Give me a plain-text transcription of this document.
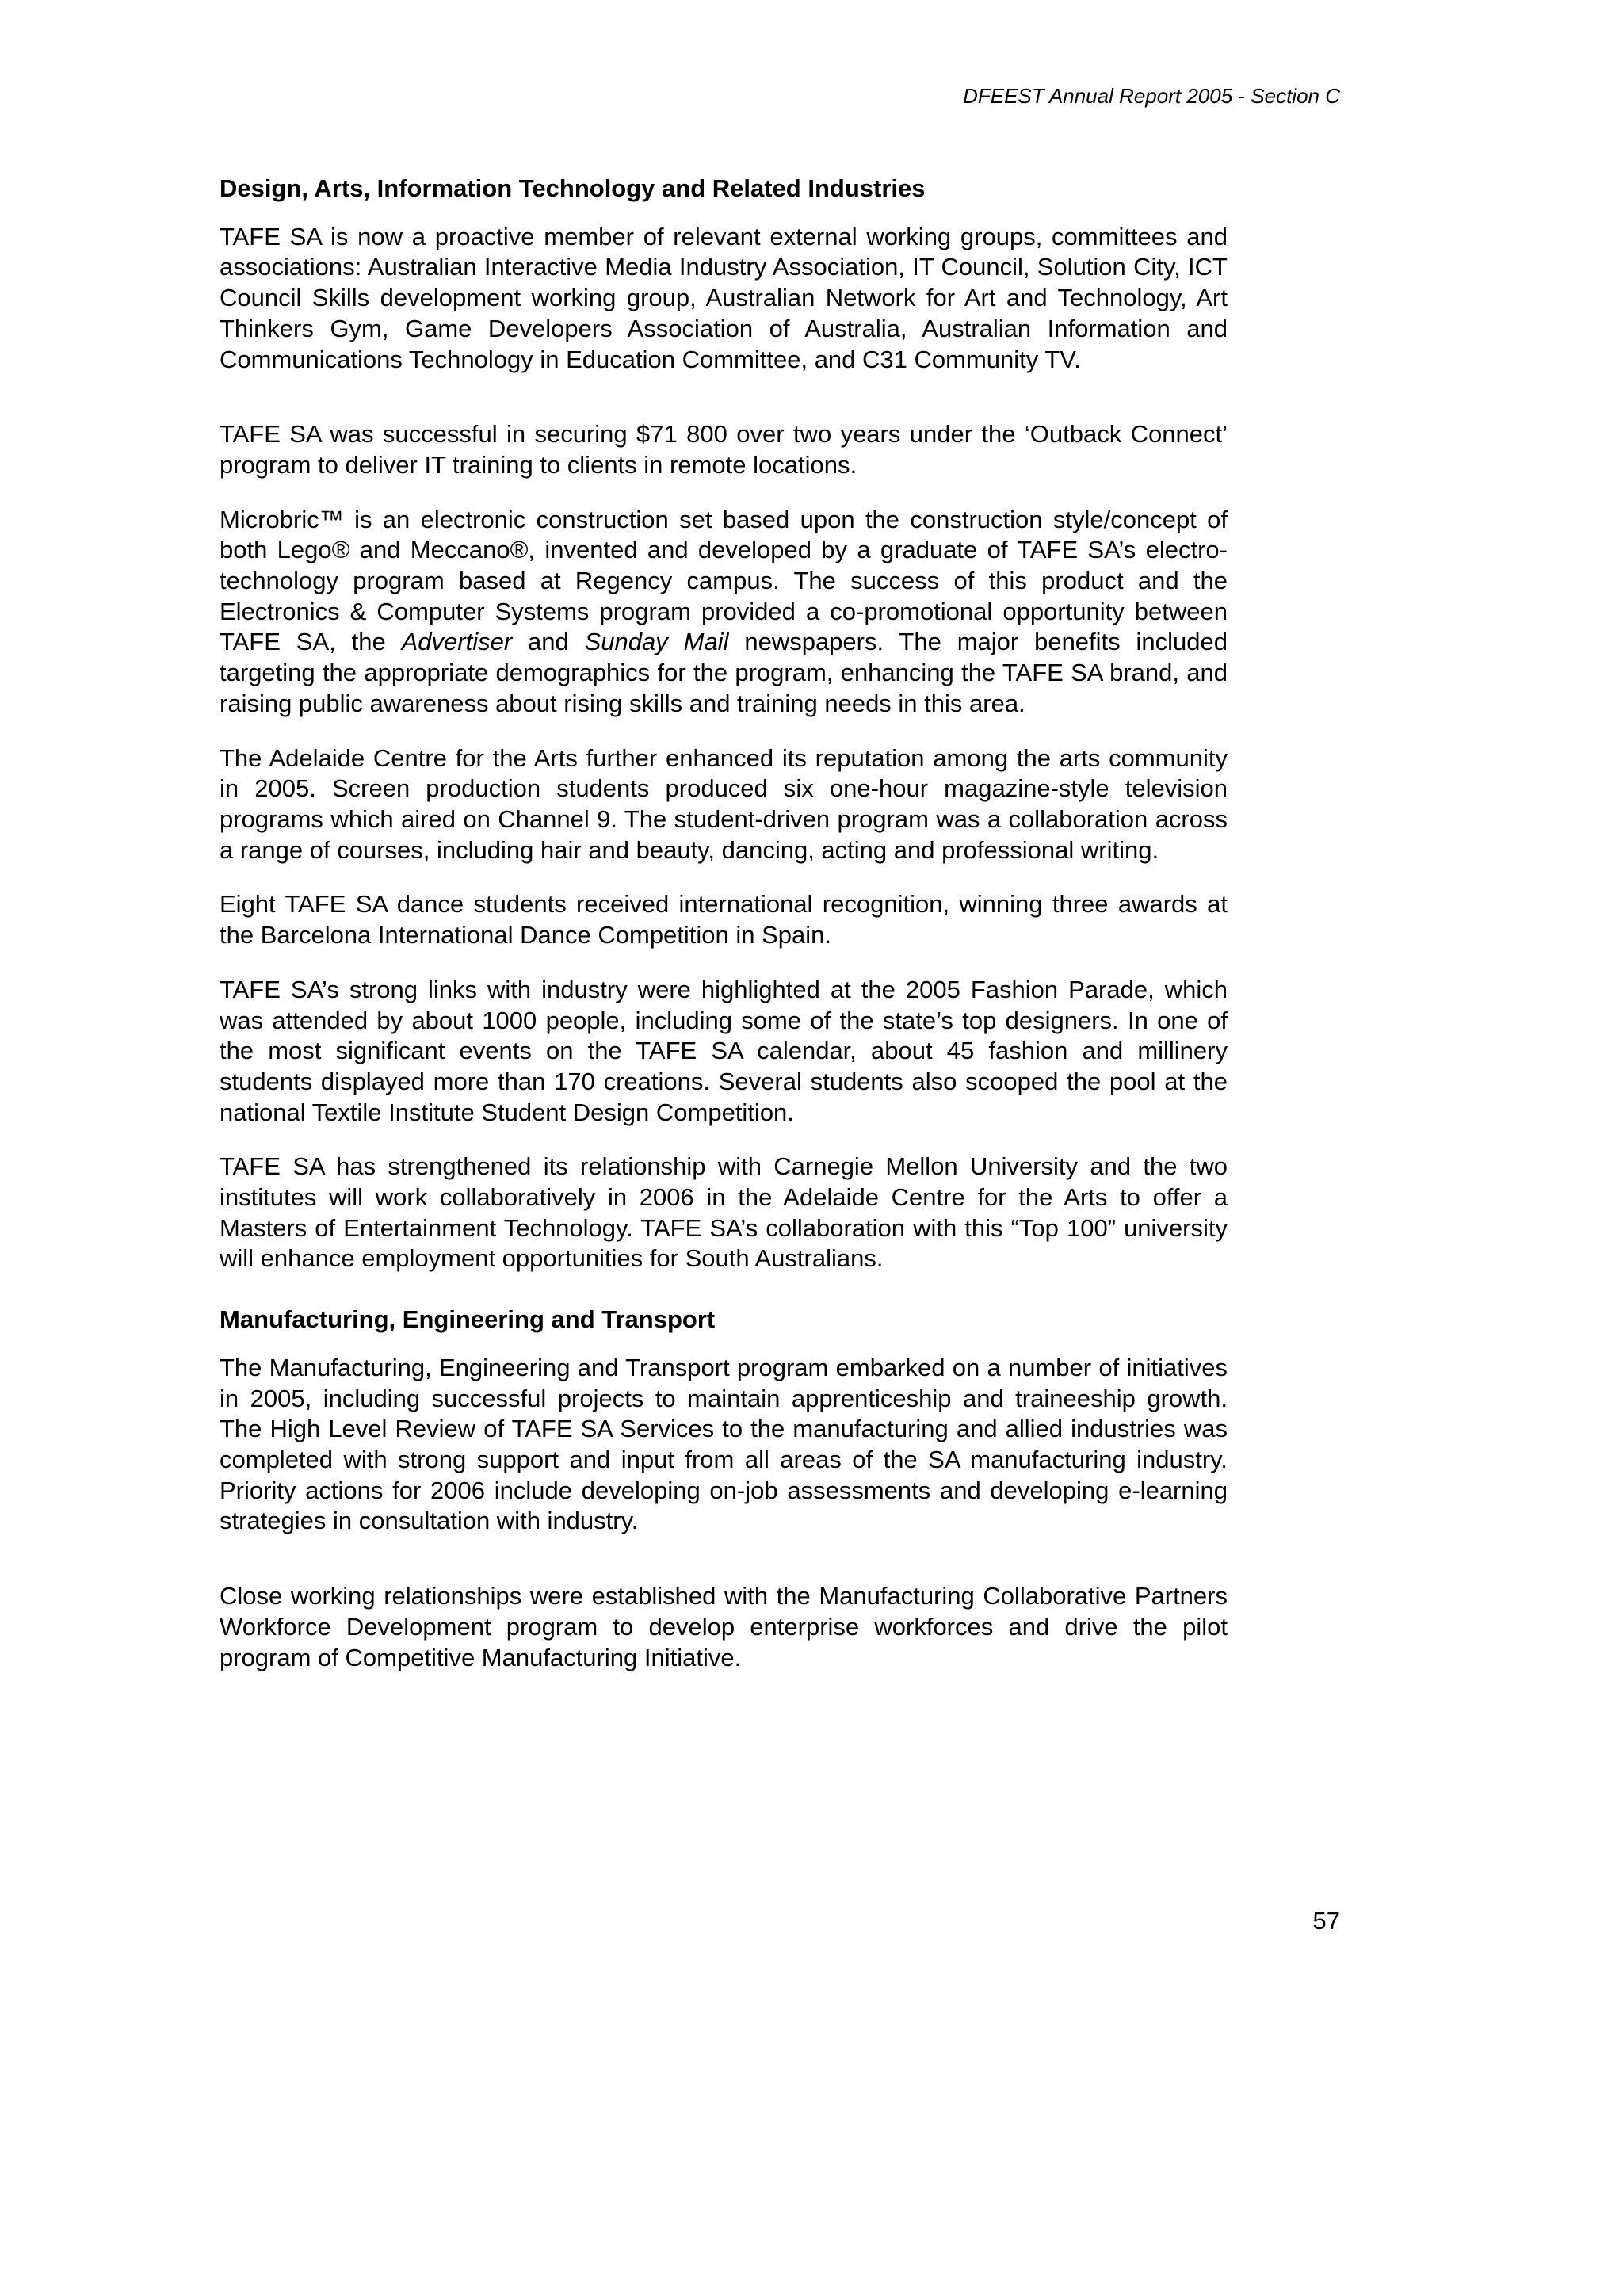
DFEEST Annual Report 2005 - Section C
Design, Arts, Information Technology and Related Industries

TAFE SA is now a proactive member of relevant external working groups, committees and associations: Australian Interactive Media Industry Association, IT Council, Solution City, ICT Council Skills development working group, Australian Network for Art and Technology, Art Thinkers Gym, Game Developers Association of Australia, Australian Information and Communications Technology in Education Committee, and C31 Community TV.

TAFE SA was successful in securing $71 800 over two years under the ‘Outback Connect’ program to deliver IT training to clients in remote locations.

Microbric™ is an electronic construction set based upon the construction style/concept of both Lego® and Meccano®, invented and developed by a graduate of TAFE SA’s electro-technology program based at Regency campus. The success of this product and the Electronics & Computer Systems program provided a co-promotional opportunity between TAFE SA, the Advertiser and Sunday Mail newspapers. The major benefits included targeting the appropriate demographics for the program, enhancing the TAFE SA brand, and raising public awareness about rising skills and training needs in this area.

The Adelaide Centre for the Arts further enhanced its reputation among the arts community in 2005. Screen production students produced six one-hour magazine-style television programs which aired on Channel 9. The student-driven program was a collaboration across a range of courses, including hair and beauty, dancing, acting and professional writing.

Eight TAFE SA dance students received international recognition, winning three awards at the Barcelona International Dance Competition in Spain.

TAFE SA’s strong links with industry were highlighted at the 2005 Fashion Parade, which was attended by about 1000 people, including some of the state’s top designers. In one of the most significant events on the TAFE SA calendar, about 45 fashion and millinery students displayed more than 170 creations. Several students also scooped the pool at the national Textile Institute Student Design Competition.

TAFE SA has strengthened its relationship with Carnegie Mellon University and the two institutes will work collaboratively in 2006 in the Adelaide Centre for the Arts to offer a Masters of Entertainment Technology. TAFE SA’s collaboration with this “Top 100” university will enhance employment opportunities for South Australians.

Manufacturing, Engineering and Transport

The Manufacturing, Engineering and Transport program embarked on a number of initiatives in 2005, including successful projects to maintain apprenticeship and traineeship growth. The High Level Review of TAFE SA Services to the manufacturing and allied industries was completed with strong support and input from all areas of the SA manufacturing industry. Priority actions for 2006 include developing on-job assessments and developing e-learning strategies in consultation with industry.

Close working relationships were established with the Manufacturing Collaborative Partners Workforce Development program to develop enterprise workforces and drive the pilot program of Competitive Manufacturing Initiative.

57
